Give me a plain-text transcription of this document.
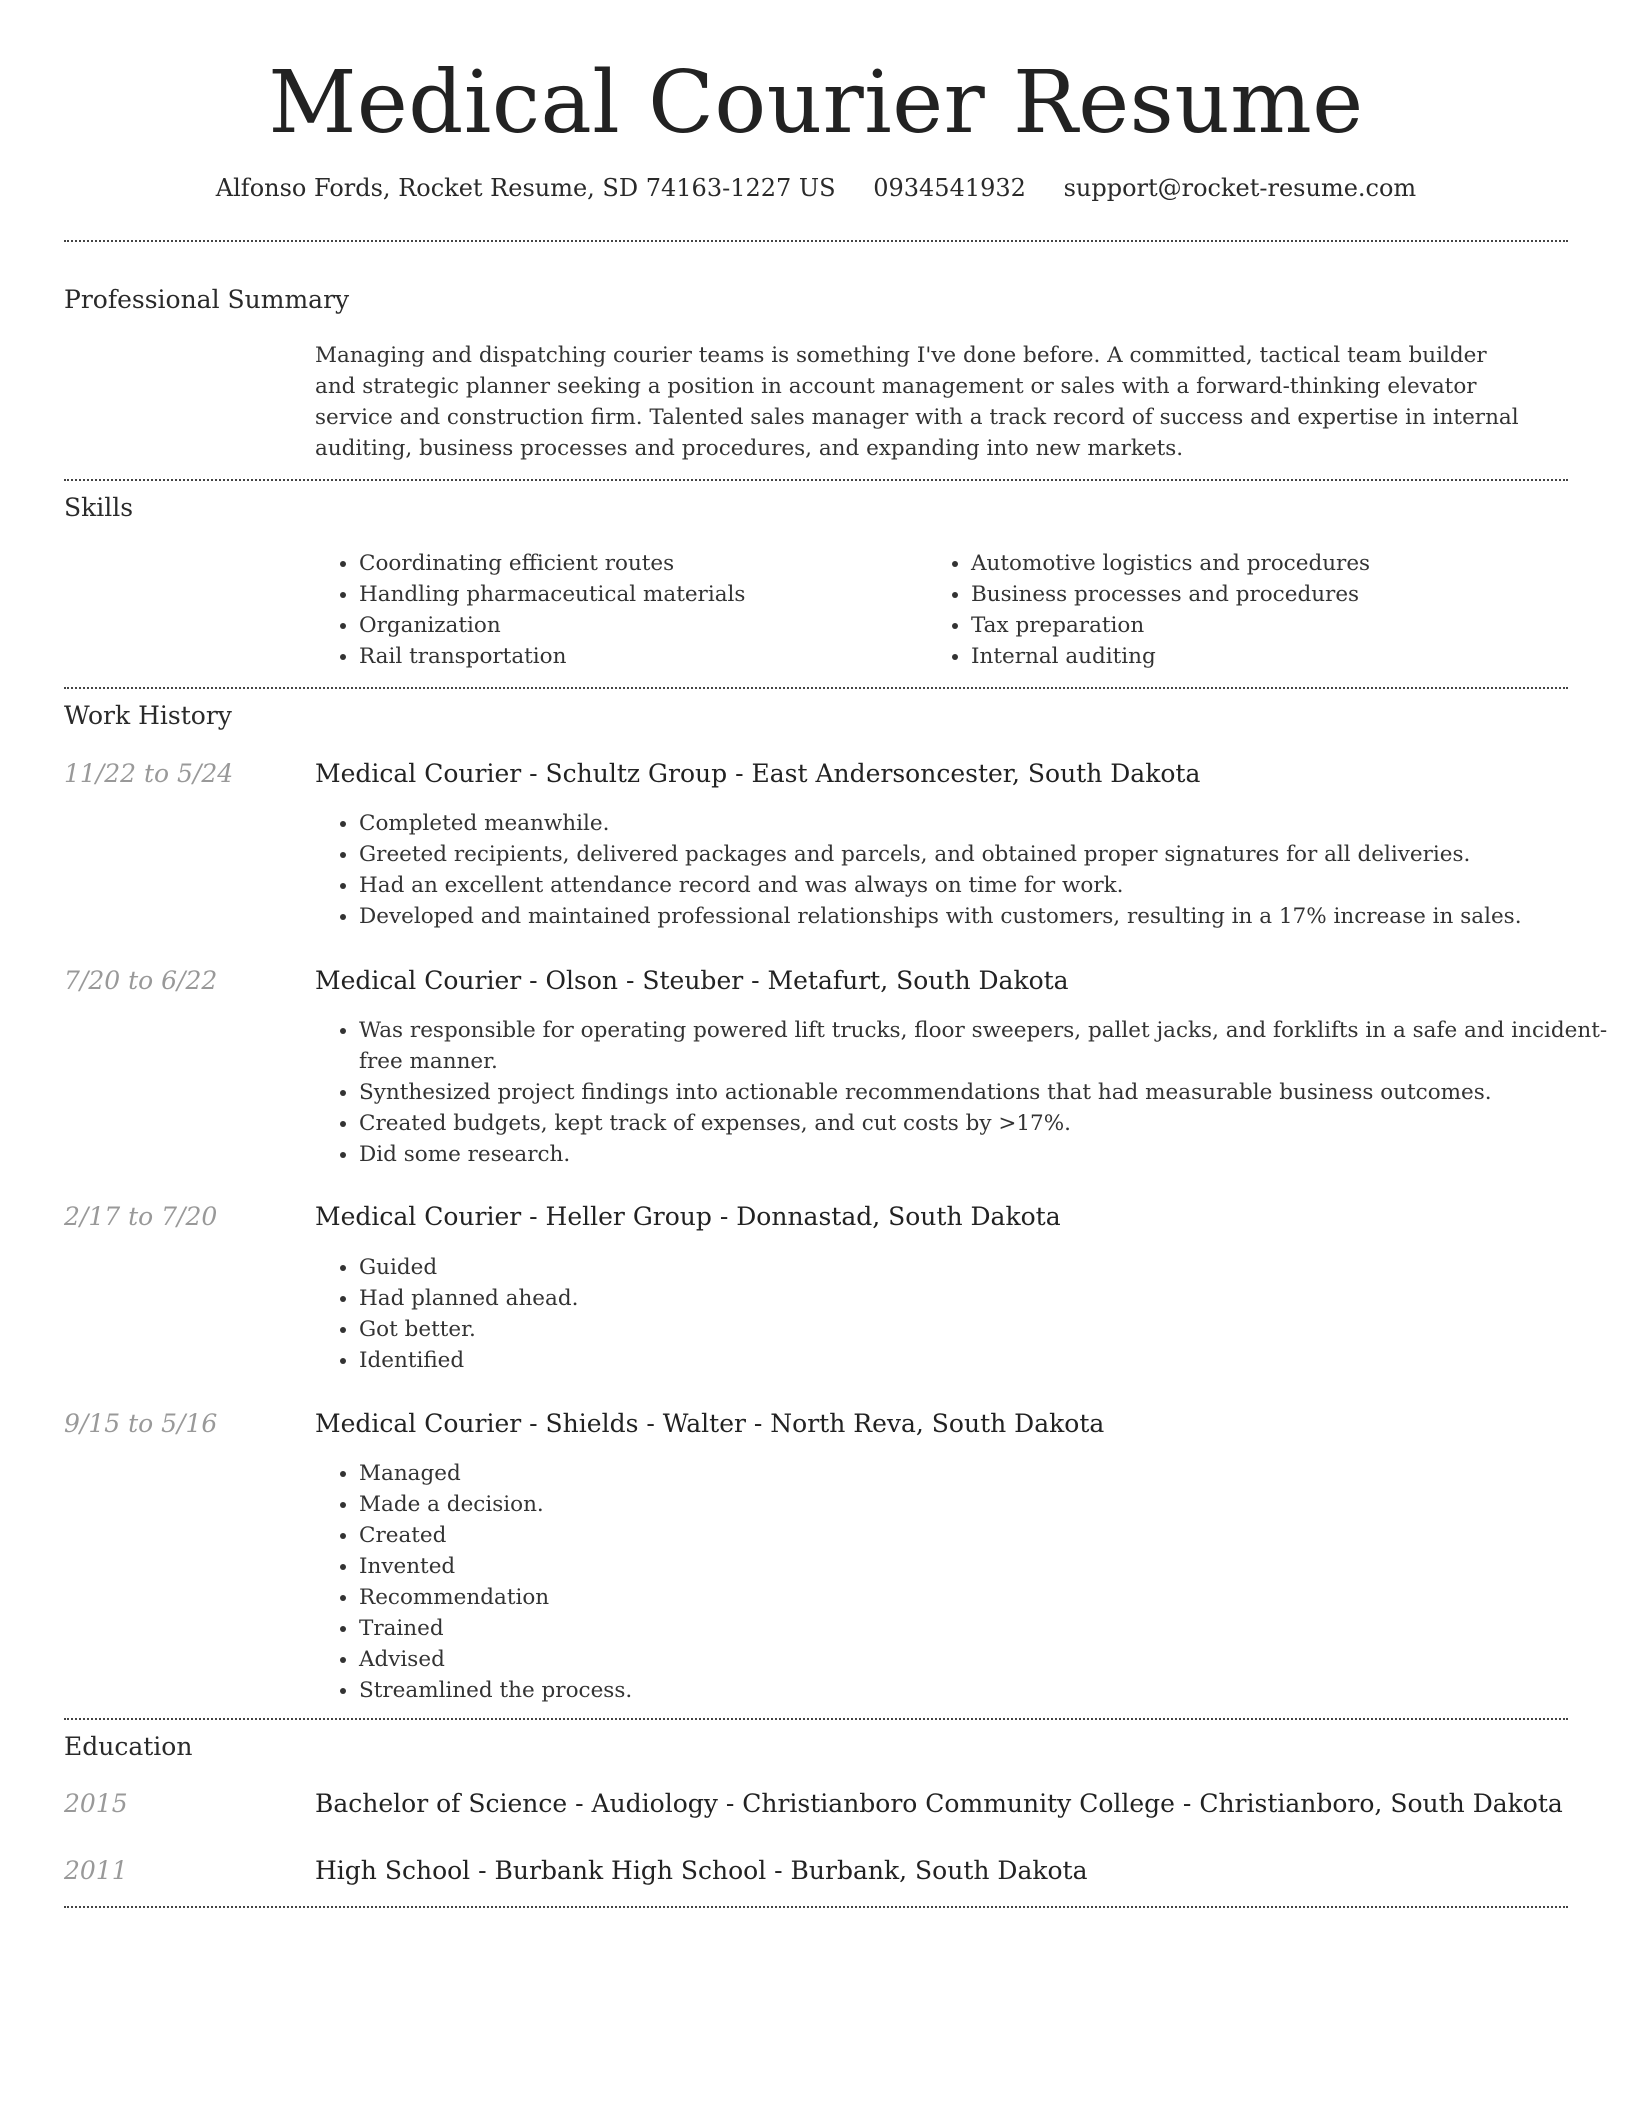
Medical Courier Resume
Alfonso Fords, Rocket Resume, SD 74163-1227 US 0934541932 support@rocket-resume.com
Professional Summary

Managing and dispatching courier teams is something I've done before. A committed, tactical team builder and strategic planner seeking a position in account management or sales with a forward-thinking elevator service and construction firm. Talented sales manager with a track record of success and expertise in internal auditing, business processes and procedures, and expanding into new markets.

Skills
• Coordinating efficient routes
• Handling pharmaceutical materials
• Organization
• Rail transportation
• Automotive logistics and procedures
• Business processes and procedures
• Tax preparation
• Internal auditing
Work History
11/22 to 5/24	Medical Courier - Schultz Group - East Andersoncester, South Dakota
• Completed meanwhile.
• Greeted recipients, delivered packages and parcels, and obtained proper signatures for all deliveries.
• Had an excellent attendance record and was always on time for work.
• Developed and maintained professional relationships with customers, resulting in a 17% increase in sales.
7/20 to 6/22	Medical Courier - Olson - Steuber - Metafurt, South Dakota
• Was responsible for operating powered lift trucks, floor sweepers, pallet jacks, and forklifts in a safe and incident-free manner.
• Synthesized project findings into actionable recommendations that had measurable business outcomes.
• Created budgets, kept track of expenses, and cut costs by >17%.
• Did some research.
2/17 to 7/20	Medical Courier - Heller Group - Donnastad, South Dakota
• Guided
• Had planned ahead.
• Got better.
• Identified
9/15 to 5/16	Medical Courier - Shields - Walter - North Reva, South Dakota
• Managed
• Made a decision.
• Created
• Invented
• Recommendation
• Trained
• Advised
• Streamlined the process.
Education
2015	Bachelor of Science - Audiology - Christianboro Community College - Christianboro, South Dakota
2011	High School - Burbank High School - Burbank, South Dakota
